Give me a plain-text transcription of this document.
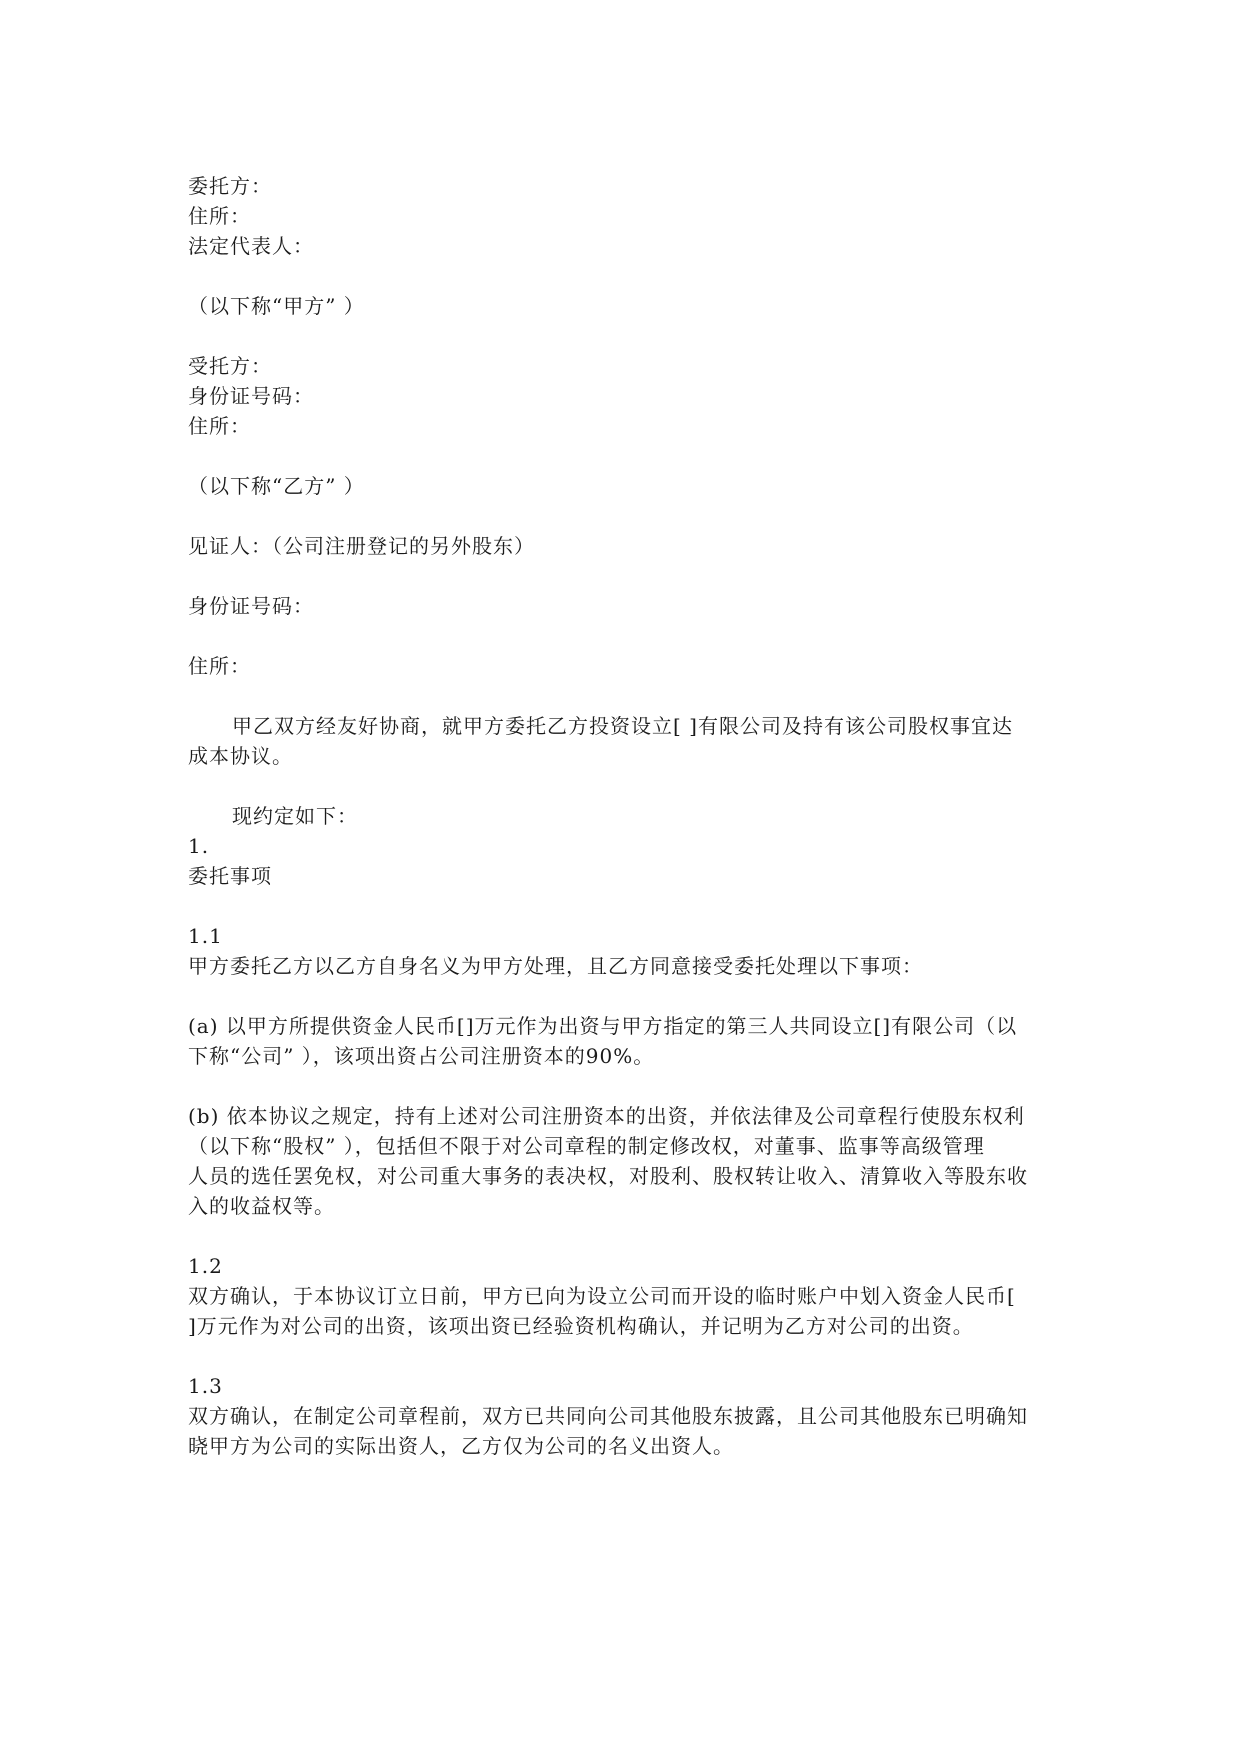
委托方：
住所：
法定代表人：
（以下称“甲方” ）
受托方：
身份证号码：
住所：
（以下称“乙方” ）
见证人：（公司注册登记的另外股东）
身份证号码：
住所：
甲乙双方经友好协商，就甲方委托乙方投资设立[ ]有限公司及持有该公司股权事宜达
成本协议。
现约定如下：
1.
委托事项
1.1
甲方委托乙方以乙方自身名义为甲方处理，且乙方同意接受委托处理以下事项：
(a) 以甲方所提供资金人民币[]万元作为出资与甲方指定的第三人共同设立[]有限公司（以
下称“公司” ），该项出资占公司注册资本的90%。
(b) 依本协议之规定，持有上述对公司注册资本的出资，并依法律及公司章程行使股东权利
（以下称“股权” ），包括但不限于对公司章程的制定修改权，对董事、监事等高级管理
人员的选任罢免权，对公司重大事务的表决权，对股利、股权转让收入、清算收入等股东收
入的收益权等。
1.2
双方确认，于本协议订立日前，甲方已向为设立公司而开设的临时账户中划入资金人民币[
]万元作为对公司的出资，该项出资已经验资机构确认，并记明为乙方对公司的出资。
1.3
双方确认，在制定公司章程前，双方已共同向公司其他股东披露，且公司其他股东已明确知
晓甲方为公司的实际出资人，乙方仅为公司的名义出资人。
